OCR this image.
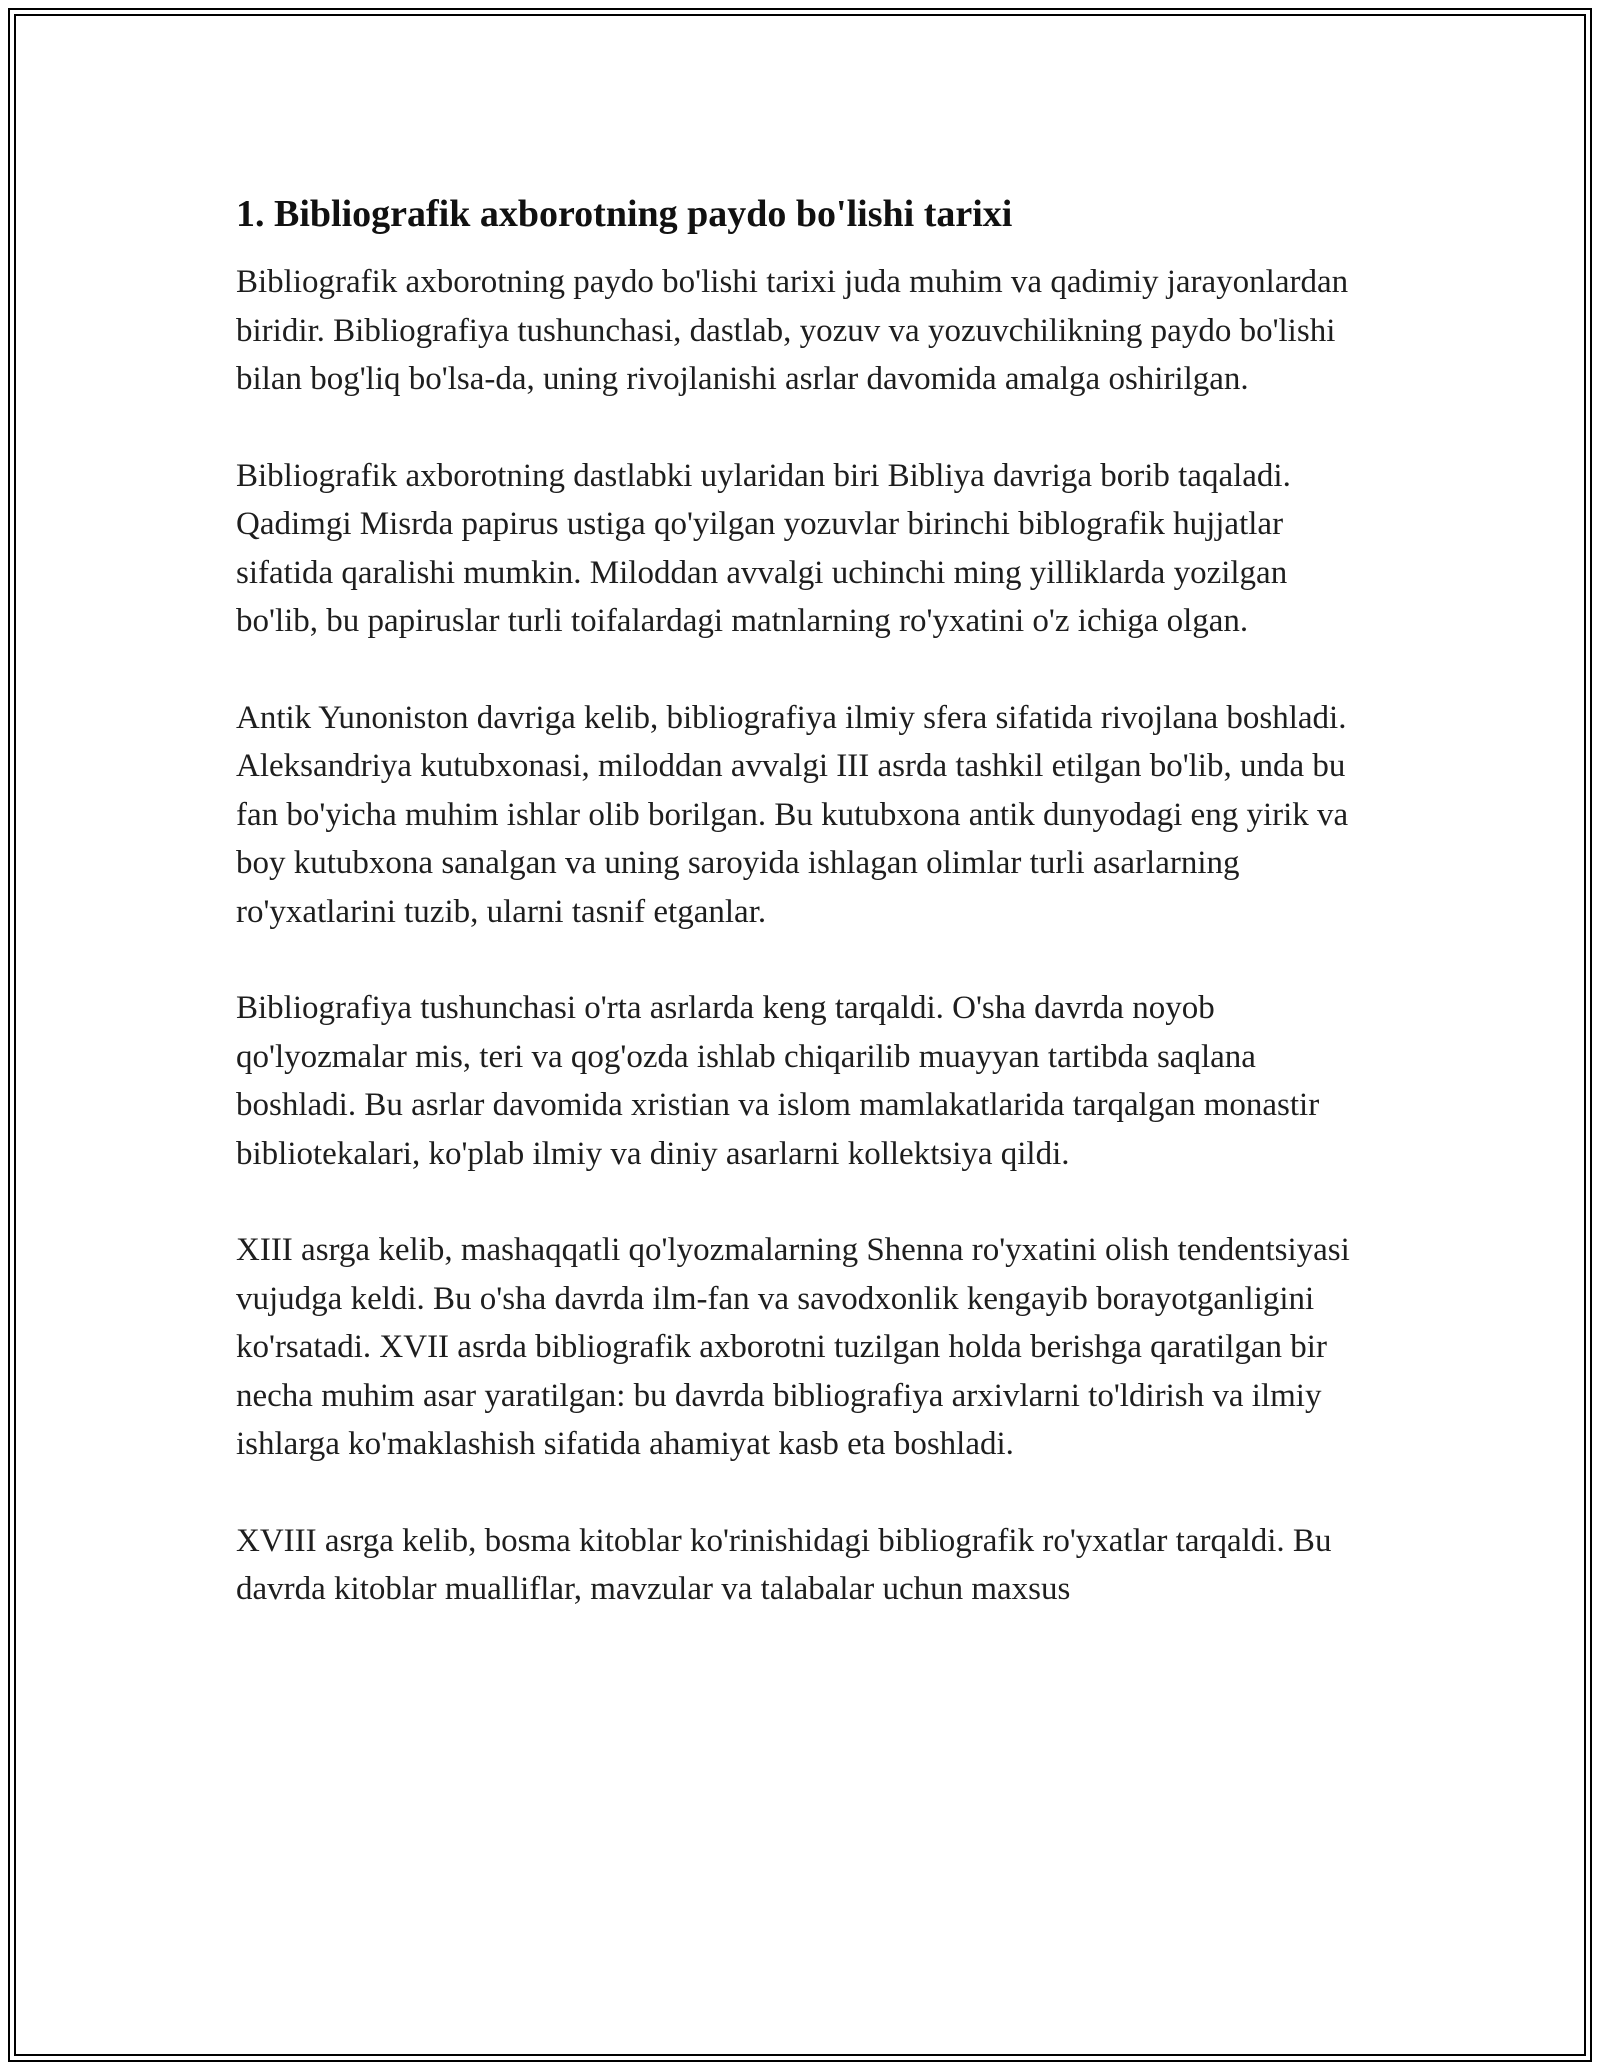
1. Bibliografik axborotning paydo bo'lishi tarixi

Bibliografik axborotning paydo bo'lishi tarixi juda muhim va qadimiy jarayonlardan biridir. Bibliografiya tushunchasi, dastlab, yozuv va yozuvchilikning paydo bo'lishi bilan bog'liq bo'lsa-da, uning rivojlanishi asrlar davomida amalga oshirilgan.

Bibliografik axborotning dastlabki uylaridan biri Bibliya davriga borib taqaladi. Qadimgi Misrda papirus ustiga qo'yilgan yozuvlar birinchi biblografik hujjatlar sifatida qaralishi mumkin. Miloddan avvalgi uchinchi ming yilliklarda yozilgan bo'lib, bu papiruslar turli toifalardagi matnlarning ro'yxatini o'z ichiga olgan.

Antik Yunoniston davriga kelib, bibliografiya ilmiy sfera sifatida rivojlana boshladi. Aleksandriya kutubxonasi, miloddan avvalgi III asrda tashkil etilgan bo'lib, unda bu fan bo'yicha muhim ishlar olib borilgan. Bu kutubxona antik dunyodagi eng yirik va boy kutubxona sanalgan va uning saroyida ishlagan olimlar turli asarlarning ro'yxatlarini tuzib, ularni tasnif etganlar.

Bibliografiya tushunchasi o'rta asrlarda keng tarqaldi. O'sha davrda noyob qo'lyozmalar mis, teri va qog'ozda ishlab chiqarilib muayyan tartibda saqlana boshladi. Bu asrlar davomida xristian va islom mamlakatlarida tarqalgan monastir bibliotekalari, ko'plab ilmiy va diniy asarlarni kollektsiya qildi.

XIII asrga kelib, mashaqqatli qo'lyozmalarning Shenna ro'yxatini olish tendentsiyasi vujudga keldi. Bu o'sha davrda ilm-fan va savodxonlik kengayib borayotganligini ko'rsatadi. XVII asrda bibliografik axborotni tuzilgan holda berishga qaratilgan bir necha muhim asar yaratilgan: bu davrda bibliografiya arxivlarni to'ldirish va ilmiy ishlarga ko'maklashish sifatida ahamiyat kasb eta boshladi.

XVIII asrga kelib, bosma kitoblar ko'rinishidagi bibliografik ro'yxatlar tarqaldi. Bu davrda kitoblar mualliflar, mavzular va talabalar uchun maxsus
